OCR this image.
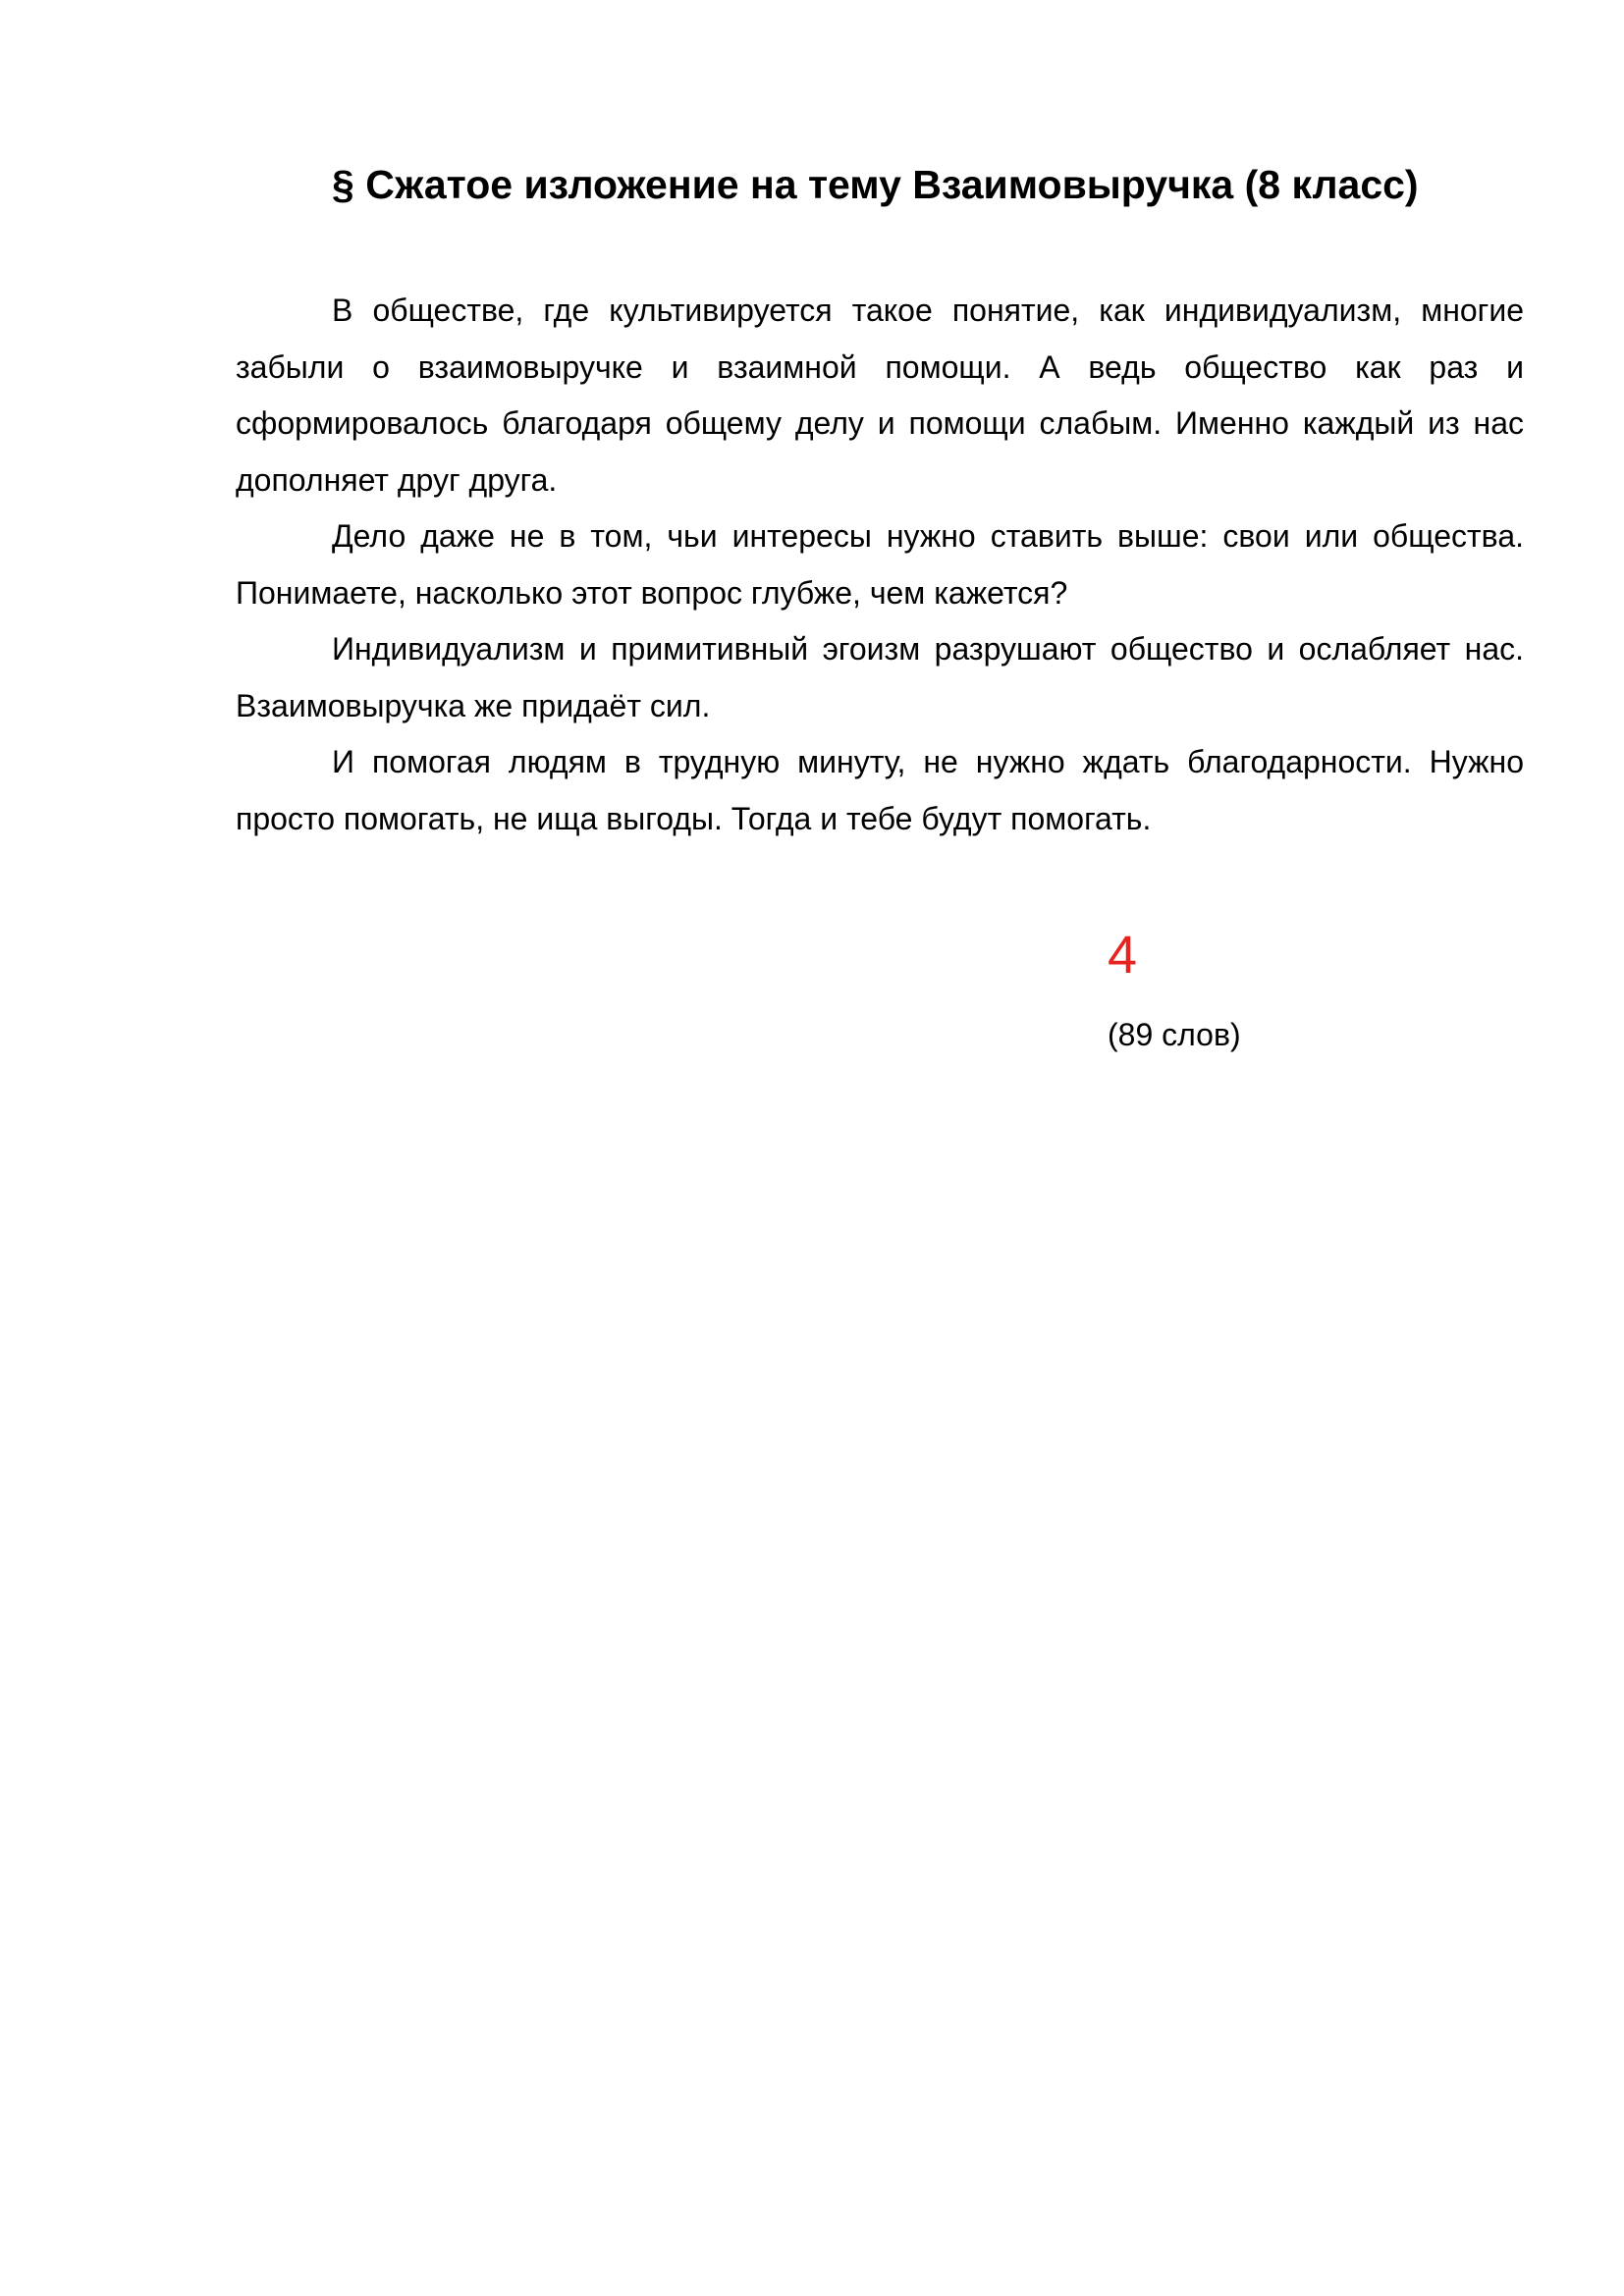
§ Сжатое изложение на тему Взаимовыручка (8 класс)

В обществе, где культивируется такое понятие, как индивидуализм, многие забыли о взаимовыручке и взаимной помощи. А ведь общество как раз и сформировалось благодаря общему делу и помощи слабым. Именно каждый из нас дополняет друг друга.

Дело даже не в том, чьи интересы нужно ставить выше: свои или общества. Понимаете, насколько этот вопрос глубже, чем кажется?

Индивидуализм и примитивный эгоизм разрушают общество и ослабляет нас. Взаимовыручка же придаёт сил.

И помогая людям в трудную минуту, не нужно ждать благодарности. Нужно просто помогать, не ища выгоды. Тогда и тебе будут помогать.

4
(89 слов)
